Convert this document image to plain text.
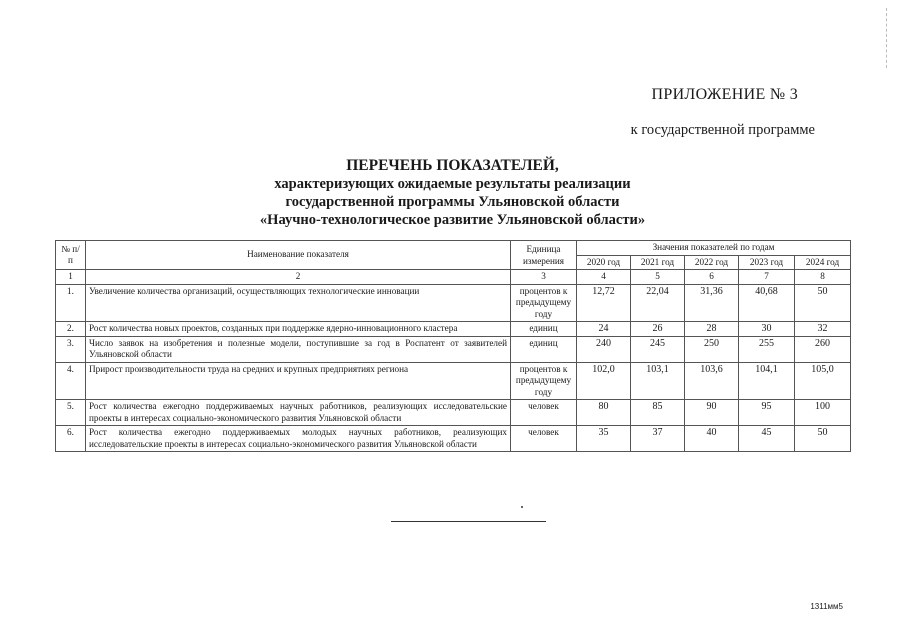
ПРИЛОЖЕНИЕ № 3
к государственной программе
ПЕРЕЧЕНЬ ПОКАЗАТЕЛЕЙ,
характеризующих ожидаемые результаты реализации
государственной программы Ульяновской области
«Научно-технологическое развитие Ульяновской области»
№ п/п	Наименование показателя	Единица измерения	Значения показателей по годам				
			2020 год	2021 год	2022 год	2023 год	2024 год
1	2	3	4	5	6	7	8
1.	Увеличение количества организаций, осуществляющих технологические инновации	процентов к предыдущему году	12,72	22,04	31,36	40,68	50
2.	Рост количества новых проектов, созданных при поддержке ядерно-инновационного кластера	единиц	24	26	28	30	32
3.	Число заявок на изобретения и полезные модели, поступившие за год в Роспатент от заявителей Ульяновской области	единиц	240	245	250	255	260
4.	Прирост производительности труда на средних и крупных предприятиях региона	процентов к предыдущему году	102,0	103,1	103,6	104,1	105,0
5.	Рост количества ежегодно поддерживаемых научных работников, реализующих исследовательские проекты в интересах социально-экономического развития Ульяновской области	человек	80	85	90	95	100
6.	Рост количества ежегодно поддерживаемых молодых научных работников, реализующих исследовательские проекты в интересах социально-экономического развития Ульяновской области	человек	35	37	40	45	50
1311мм5
